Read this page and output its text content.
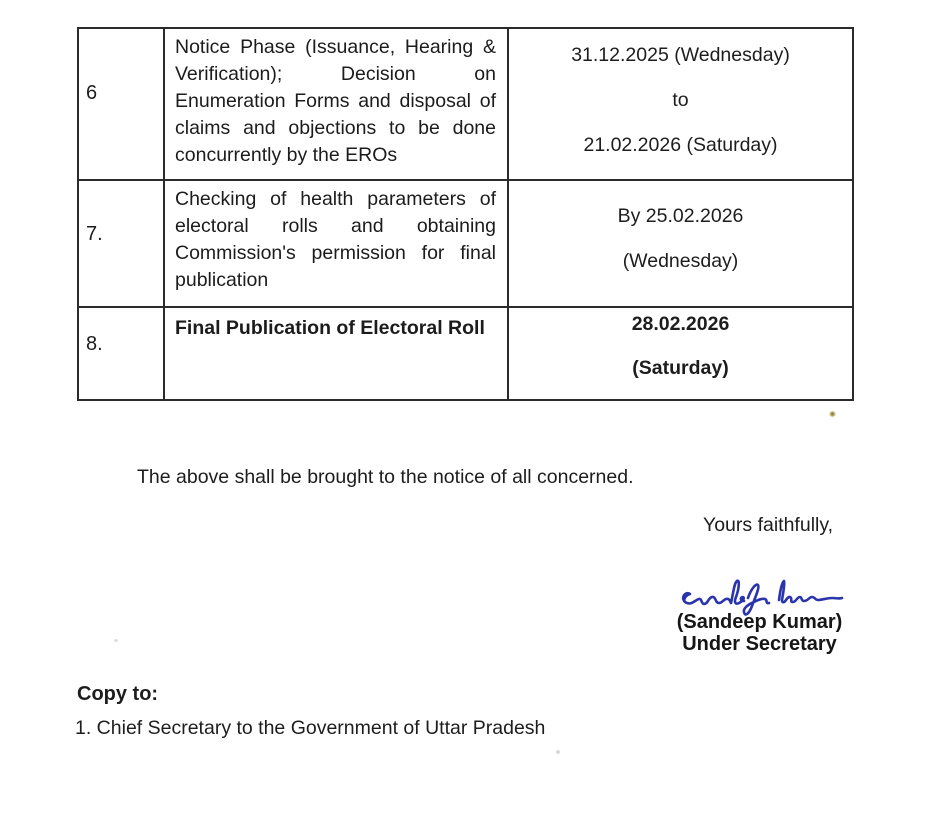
6
Notice Phase (Issuance, Hearing & Verification); Decision on Enumeration Forms and disposal of claims and objections to be done concurrently by the EROs
31.12.2025 (Wednesday)
to
21.02.2026 (Saturday)
7.
Checking of health parameters of electoral rolls and obtaining Commission's permission for final publication
By 25.02.2026
(Wednesday)
8.
Final Publication of Electoral Roll	28.02.2026
(Saturday)
The above shall be brought to the notice of all concerned.
Yours faithfully,
(Sandeep Kumar)
Under Secretary
Copy to:
1. Chief Secretary to the Government of Uttar Pradesh
